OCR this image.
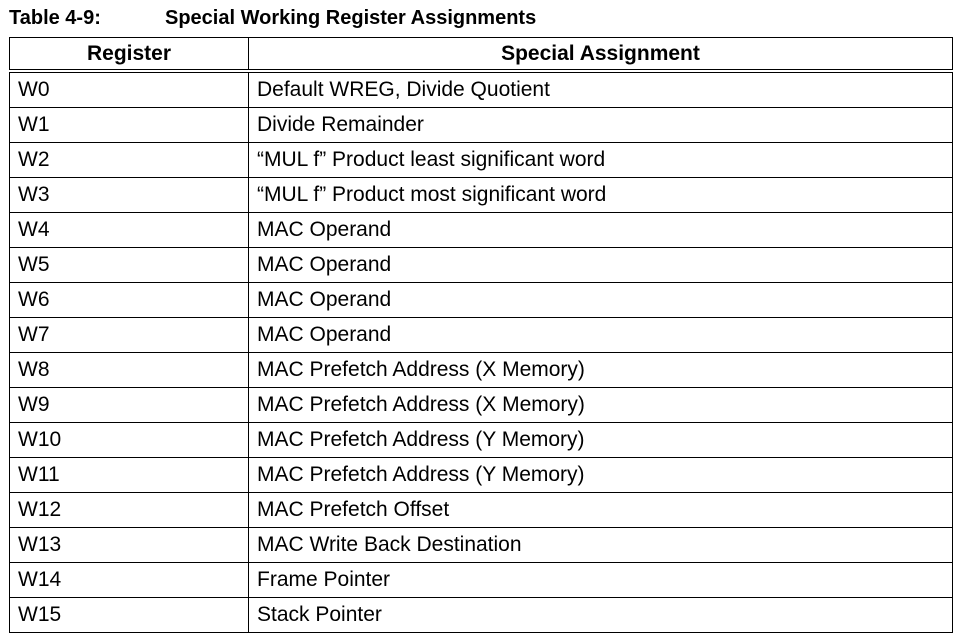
Table 4-9:	Special Working Register Assignments
Register	Special Assignment
W0	Default WREG, Divide Quotient
W1	Divide Remainder
W2	“MUL f” Product least significant word
W3	“MUL f” Product most significant word
W4	MAC Operand
W5	MAC Operand
W6	MAC Operand
W7	MAC Operand
W8	MAC Prefetch Address (X Memory)
W9	MAC Prefetch Address (X Memory)
W10	MAC Prefetch Address (Y Memory)
W11	MAC Prefetch Address (Y Memory)
W12	MAC Prefetch Offset
W13	MAC Write Back Destination
W14	Frame Pointer
W15	Stack Pointer
